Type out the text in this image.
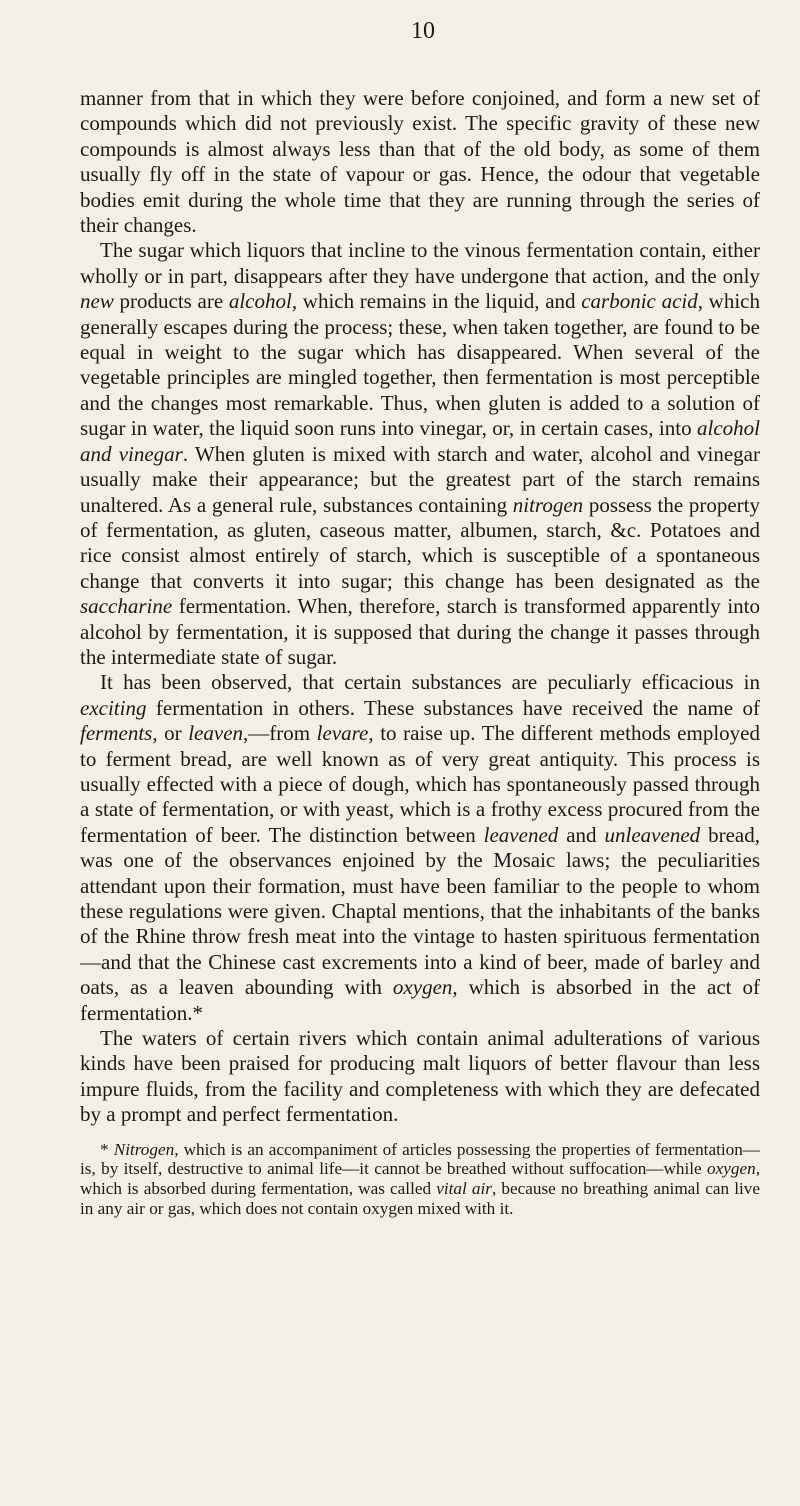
10

manner from that in which they were before conjoined, and form a new set of compounds which did not previously exist. The specific gravity of these new compounds is almost always less than that of the old body, as some of them usually fly off in the state of vapour or gas. Hence, the odour that vegetable bodies emit during the whole time that they are running through the series of their changes.

The sugar which liquors that incline to the vinous fermentation contain, either wholly or in part, disappears after they have undergone that action, and the only new products are alcohol, which remains in the liquid, and carbonic acid, which generally escapes during the process; these, when taken together, are found to be equal in weight to the sugar which has disappeared. When several of the vegetable principles are mingled together, then fermentation is most perceptible and the changes most remarkable. Thus, when gluten is added to a solution of sugar in water, the liquid soon runs into vinegar, or, in certain cases, into alcohol and vinegar. When gluten is mixed with starch and water, alcohol and vinegar usually make their appearance; but the greatest part of the starch remains unaltered. As a general rule, substances containing nitrogen possess the property of fermentation, as gluten, caseous matter, albumen, starch, &c. Potatoes and rice consist almost entirely of starch, which is susceptible of a spontaneous change that converts it into sugar; this change has been designated as the saccharine fermentation. When, therefore, starch is transformed apparently into alcohol by fermentation, it is supposed that during the change it passes through the intermediate state of sugar.

It has been observed, that certain substances are peculiarly efficacious in exciting fermentation in others. These substances have received the name of ferments, or leaven,—from levare, to raise up. The different methods employed to ferment bread, are well known as of very great antiquity. This process is usually effected with a piece of dough, which has spontaneously passed through a state of fermentation, or with yeast, which is a frothy excess procured from the fermentation of beer. The distinction between leavened and unleavened bread, was one of the observances enjoined by the Mosaic laws; the peculiarities attendant upon their formation, must have been familiar to the people to whom these regulations were given. Chaptal mentions, that the inhabitants of the banks of the Rhine throw fresh meat into the vintage to hasten spirituous fermentation—and that the Chinese cast excrements into a kind of beer, made of barley and oats, as a leaven abounding with oxygen, which is absorbed in the act of fermentation.*

The waters of certain rivers which contain animal adulterations of various kinds have been praised for producing malt liquors of better flavour than less impure fluids, from the facility and completeness with which they are defecated by a prompt and perfect fermentation.

* Nitrogen, which is an accompaniment of articles possessing the properties of fermentation—is, by itself, destructive to animal life—it cannot be breathed without suffocation—while oxygen, which is absorbed during fermentation, was called vital air, because no breathing animal can live in any air or gas, which does not contain oxygen mixed with it.
